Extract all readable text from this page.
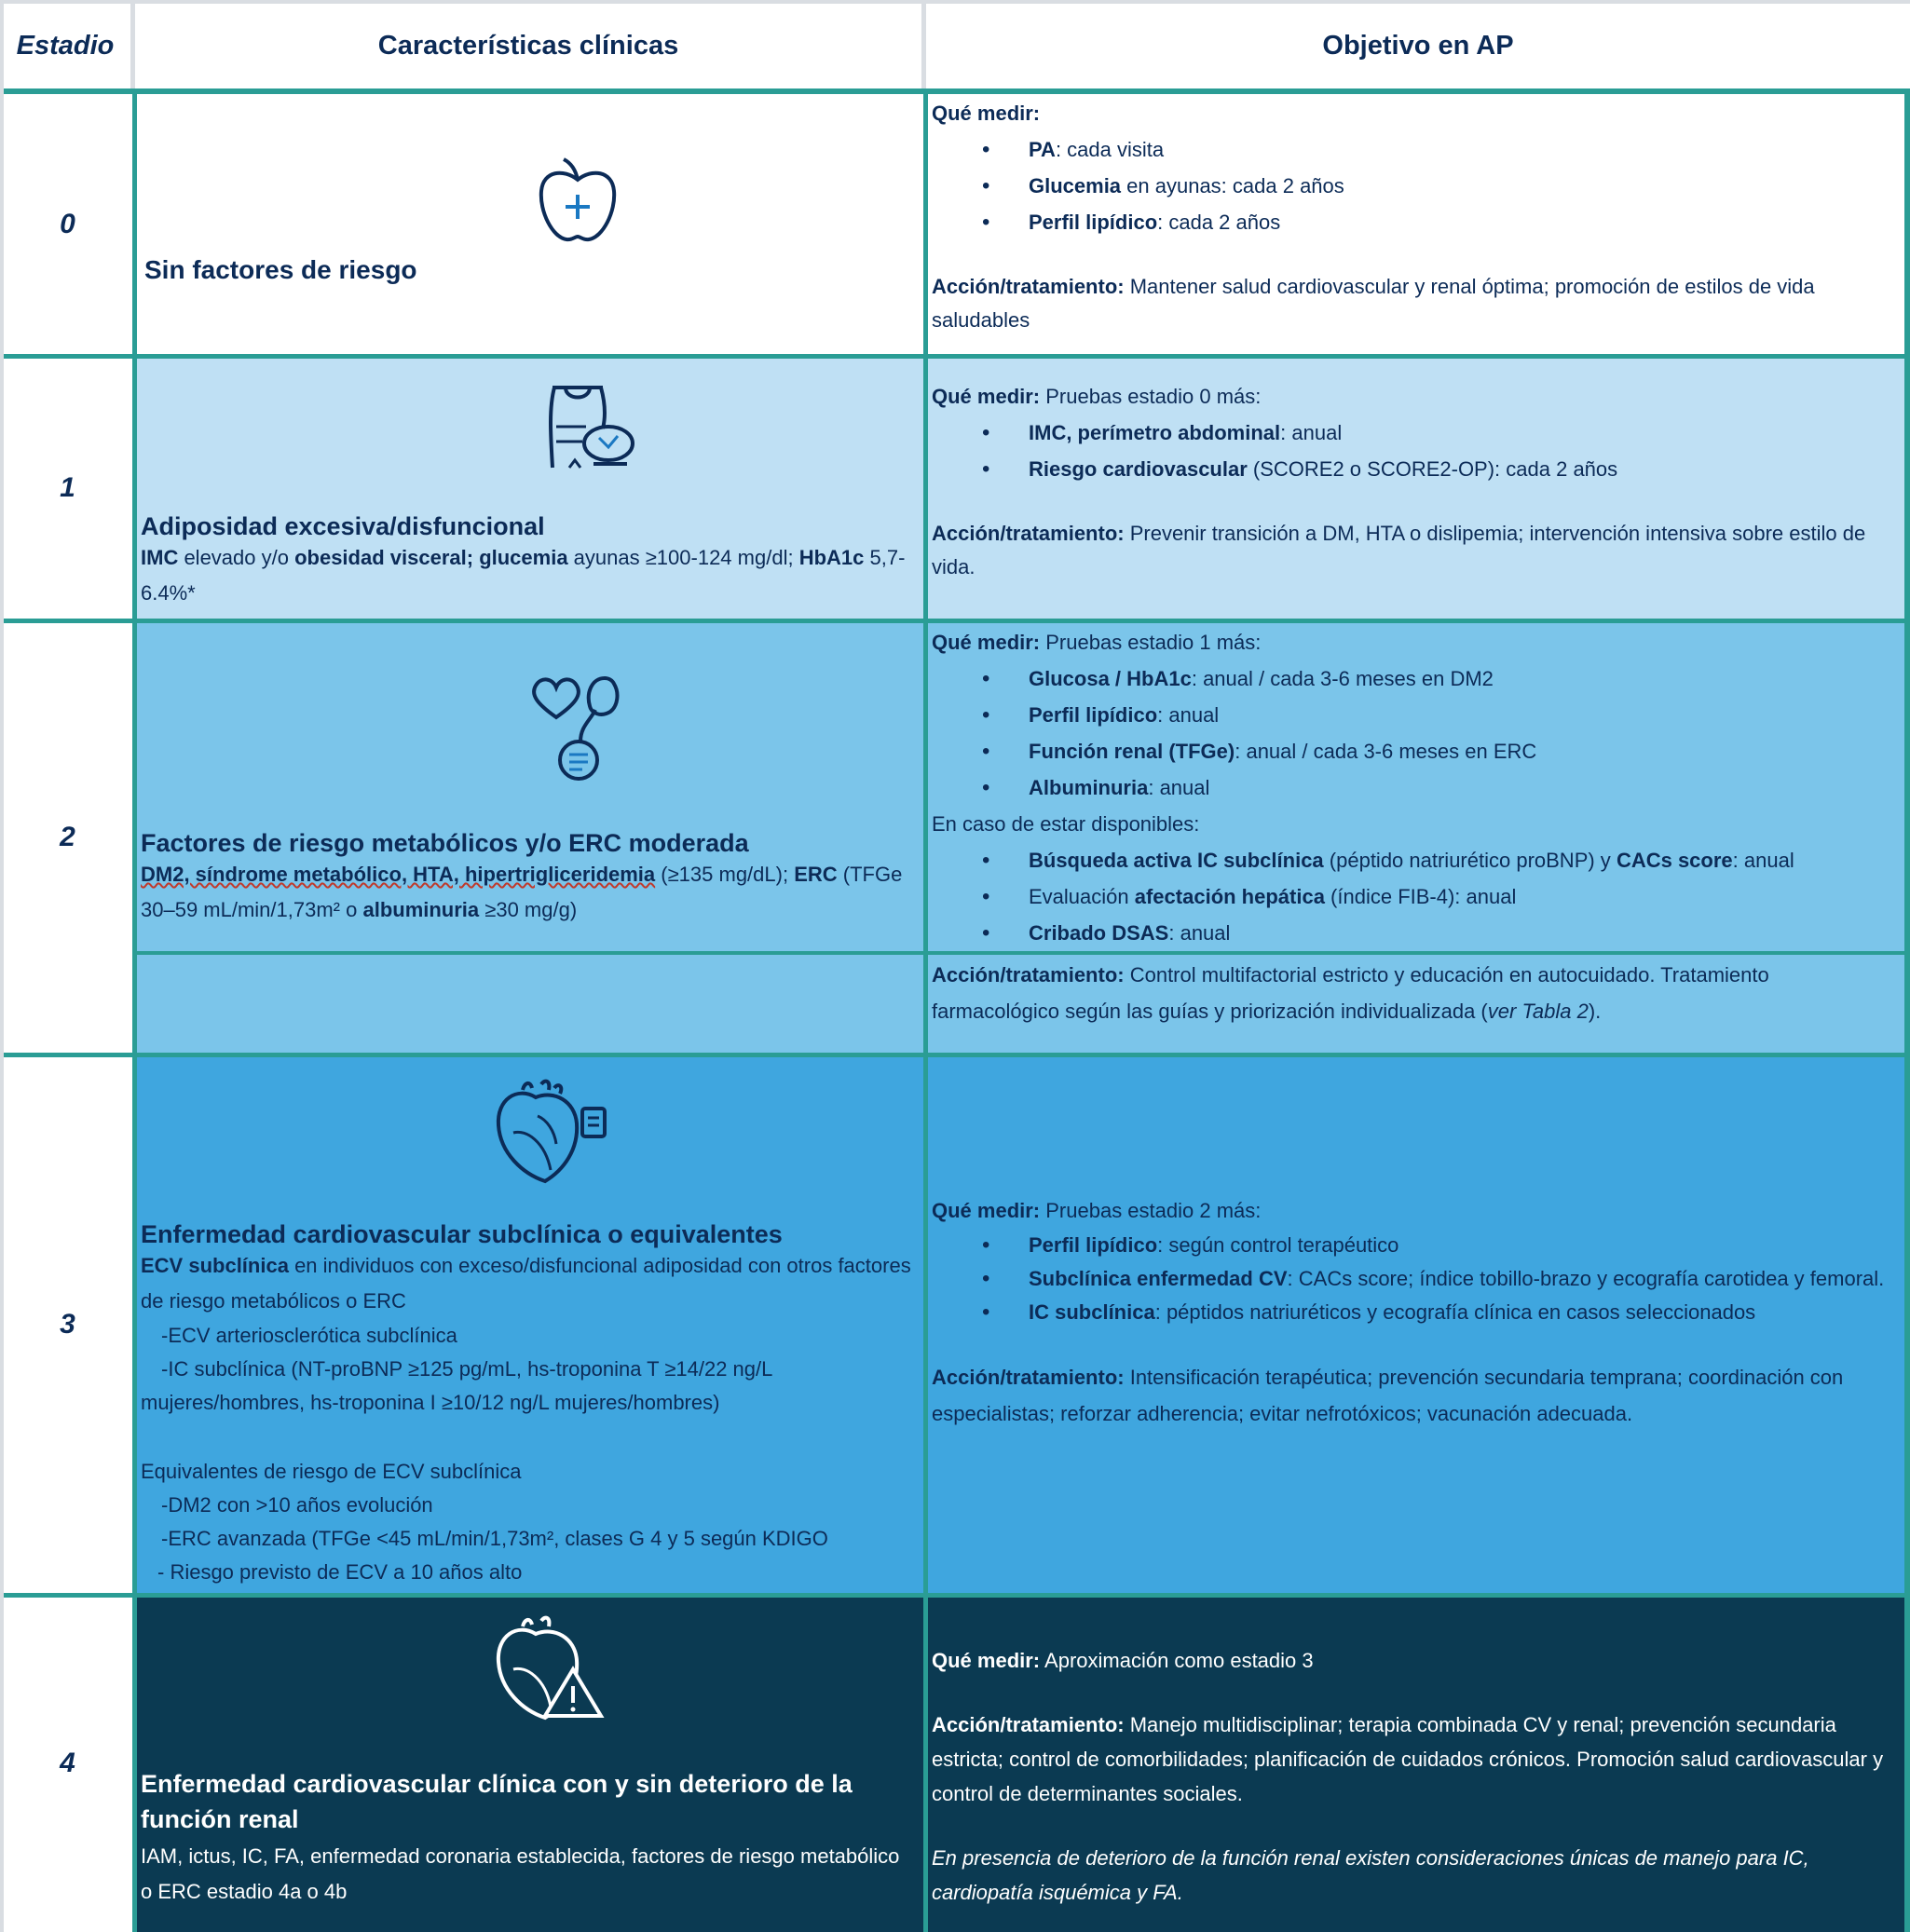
Estadio	Características clínicas	Objetivo en AP
0
1
2
3
4
Sin factores de riesgo
Qué medir:
• PA: cada visita
• Glucemia en ayunas: cada 2 años
• Perfil lipídico: cada 2 años
Acción/tratamiento: Mantener salud cardiovascular y renal óptima; promoción de estilos de vida saludables
Adiposidad excesiva/disfuncional
IMC elevado y/o obesidad visceral; glucemia ayunas ≥100-124 mg/dl; HbA1c 5,7-6.4%*
Qué medir: Pruebas estadio 0 más:
• IMC, perímetro abdominal: anual
• Riesgo cardiovascular (SCORE2 o SCORE2-OP): cada 2 años
Acción/tratamiento: Prevenir transición a DM, HTA o dislipemia; intervención intensiva sobre estilo de vida.
Factores de riesgo metabólicos y/o ERC moderada
DM2, síndrome metabólico, HTA, hipertrigliceridemia (≥135 mg/dL); ERC (TFGe 30–59 mL/min/1,73m² o albuminuria ≥30 mg/g)
Qué medir: Pruebas estadio 1 más:
• Glucosa / HbA1c: anual / cada 3-6 meses en DM2
• Perfil lipídico: anual
• Función renal (TFGe): anual / cada 3-6 meses en ERC
• Albuminuria: anual
En caso de estar disponibles:
• Búsqueda activa IC subclínica (péptido natriurético proBNP) y CACs score: anual
• Evaluación afectación hepática (índice FIB-4): anual
• Cribado DSAS: anual
Acción/tratamiento: Control multifactorial estricto y educación en autocuidado. Tratamiento farmacológico según las guías y priorización individualizada (ver Tabla 2).
Enfermedad cardiovascular subclínica o equivalentes
ECV subclínica en individuos con exceso/disfuncional adiposidad con otros factores de riesgo metabólicos o ERC
-ECV arteriosclerótica subclínica
-IC subclínica (NT-proBNP ≥125 pg/mL, hs-troponina T ≥14/22 ng/L mujeres/hombres, hs-troponina I ≥10/12 ng/L mujeres/hombres)
Equivalentes de riesgo de ECV subclínica
-DM2 con >10 años evolución
-ERC avanzada (TFGe <45 mL/min/1,73m², clases G 4 y 5 según KDIGO
- Riesgo previsto de ECV a 10 años alto
Qué medir: Pruebas estadio 2 más:
• Perfil lipídico: según control terapéutico
• Subclínica enfermedad CV: CACs score; índice tobillo-brazo y ecografía carotidea y femoral.
• IC subclínica: péptidos natriuréticos y ecografía clínica en casos seleccionados
Acción/tratamiento: Intensificación terapéutica; prevención secundaria temprana; coordinación con especialistas; reforzar adherencia; evitar nefrotóxicos; vacunación adecuada.
Enfermedad cardiovascular clínica con y sin deterioro de la función renal
IAM, ictus, IC, FA, enfermedad coronaria establecida, factores de riesgo metabólico o ERC estadio 4a o 4b
Qué medir: Aproximación como estadio 3
Acción/tratamiento: Manejo multidisciplinar; terapia combinada CV y renal; prevención secundaria estricta; control de comorbilidades; planificación de cuidados crónicos. Promoción salud cardiovascular y control de determinantes sociales.
En presencia de deterioro de la función renal existen consideraciones únicas de manejo para IC, cardiopatía isquémica y FA.
